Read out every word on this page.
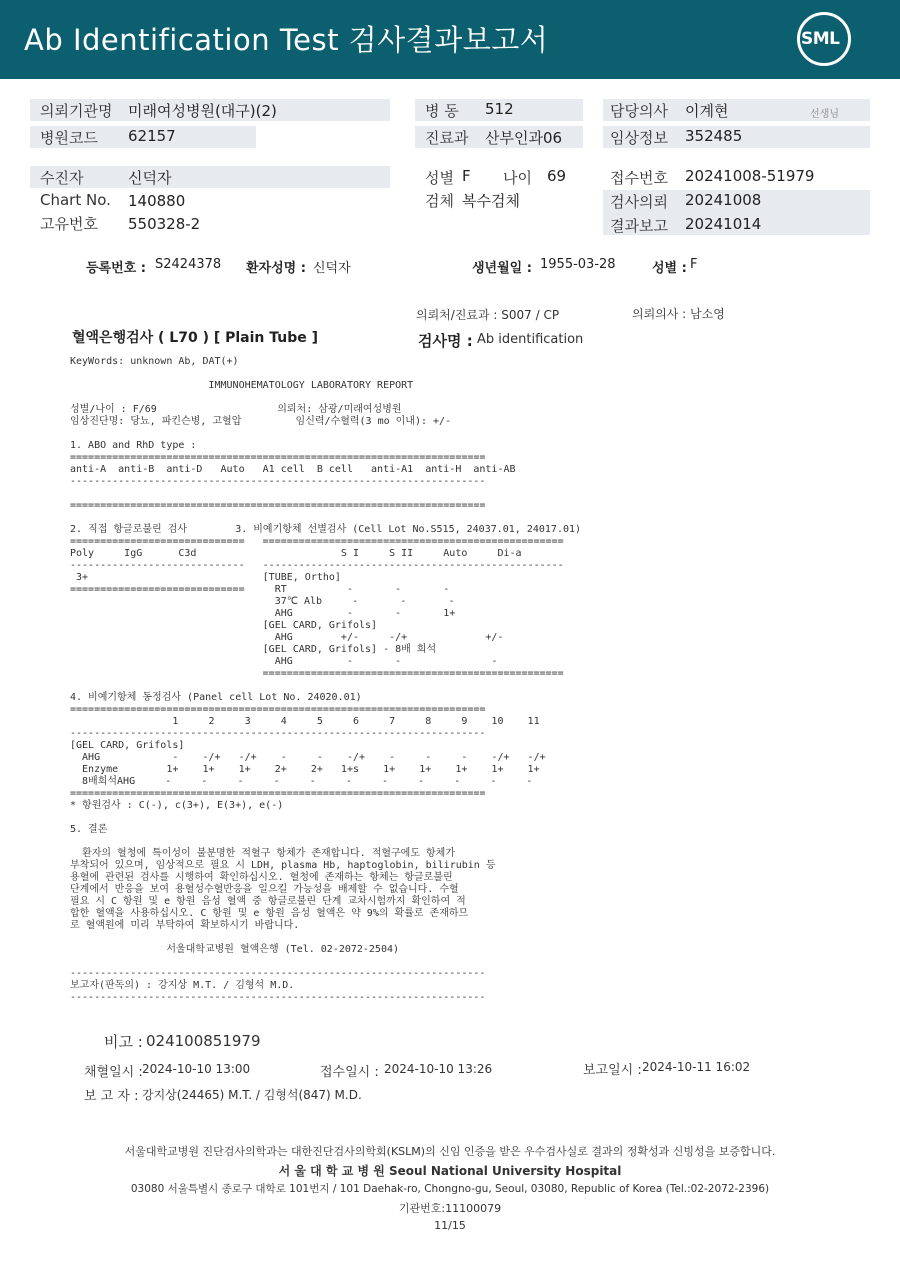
Ab Identification Test 검사결과보고서	SML
의뢰기관명 미래여성병원(대구)(2)	병 동 512	담당의사 이계현	선생님
병원코드 62157	진료과 산부인과06	임상정보 352485
수진자	신덕자	성별 F 나이 69	접수번호 20241008-51979
Chart No. 140880	검체 복수검체	검사의뢰 20241008
고유번호 550328-2	결과보고 20241014
등록번호 : S2424378 환자성명 : 신덕자	생년월일 : 1955-03-28	성별 : F
의뢰처/진료과 : S007 / CP	의뢰의사 : 남소영
혈액은행검사 ( L70 ) [ Plain Tube ]	검사명 : Ab identification
KeyWords: unknown Ab, DAT(+)

IMMUNOHEMATOLOGY LABORATORY REPORT

성별/나이 : F/69                    의뢰처: 삼광/미래여성병원
임상진단명: 당뇨, 파킨슨병, 고혈압         임신력/수혈력(3 mo 이내): +/-

1. ABO and RhD type :
=====================================================================
anti-A  anti-B  anti-D   Auto   A1 cell  B cell   anti-A1  anti-H  anti-AB
---------------------------------------------------------------------

=====================================================================

2. 직접 항글로불린 검사        3. 비예기항체 선별검사 (Cell Lot No.S515, 24037.01, 24017.01)
=============================   ==================================================
Poly     IgG      C3d                        S I     S II     Auto     Di-a
-----------------------------   --------------------------------------------------
3+                             [TUBE, Ortho]
=============================     RT          -       -       -
37℃ Alb     -       -       -
AHG         -       -       1+
[GEL CARD, Grifols]
AHG        +/-     -/+             +/-
[GEL CARD, Grifols] - 8배 희석
AHG         -       -               -
==================================================

4. 비예기항체 동정검사 (Panel cell Lot No. 24020.01)
=====================================================================
1     2     3     4     5     6     7     8     9    10    11
---------------------------------------------------------------------
[GEL CARD, Grifols]
AHG            -    -/+   -/+    -     -    -/+    -     -     -    -/+   -/+
Enzyme        1+    1+    1+    2+    2+   1+s    1+    1+    1+    1+    1+
8배희석AHG     -     -     -     -     -     -     -     -     -     -     -
=====================================================================
* 항원검사 : C(-), c(3+), E(3+), e(-)

5. 결론

환자의 혈청에 특이성이 불분명한 적혈구 항체가 존재합니다. 적혈구에도 항체가
부착되어 있으며, 임상적으로 필요 시 LDH, plasma Hb, haptoglobin, bilirubin 등
용혈에 관련된 검사를 시행하여 확인하십시오. 혈청에 존재하는 항체는 항글로불린
단계에서 반응을 보여 용혈성수혈반응을 일으킬 가능성을 배제할 수 없습니다. 수혈
필요 시 C 항원 및 e 항원 음성 혈액 중 항글로불린 단계 교차시험까지 확인하여 적
합한 혈액을 사용하십시오. C 항원 및 e 항원 음성 혈액은 약 9%의 확률로 존재하므
로 혈액원에 미리 부탁하여 확보하시기 바랍니다.

서울대학교병원 혈액은행 (Tel. 02-2072-2504)

---------------------------------------------------------------------
보고자(판독의) : 강지상 M.T. / 김형석 M.D.
---------------------------------------------------------------------
비고 : 024100851979
채혈일시 : 2024-10-10 13:00	접수일시 : 2024-10-10 13:26	보고일시 : 2024-10-11 16:02
보 고 자 : 강지상(24465) M.T. / 김형석(847) M.D.
서울대학교병원 진단검사의학과는 대한진단검사의학회(KSLM)의 신임 인증을 받은 우수검사실로 결과의 정확성과 신빙성을 보증합니다.
서 울 대 학 교 병 원 Seoul National University Hospital
03080 서울특별시 종로구 대학로 101번지 / 101 Daehak-ro, Chongno-gu, Seoul, 03080, Republic of Korea (Tel.:02-2072-2396)
기관번호:11100079
11/15
